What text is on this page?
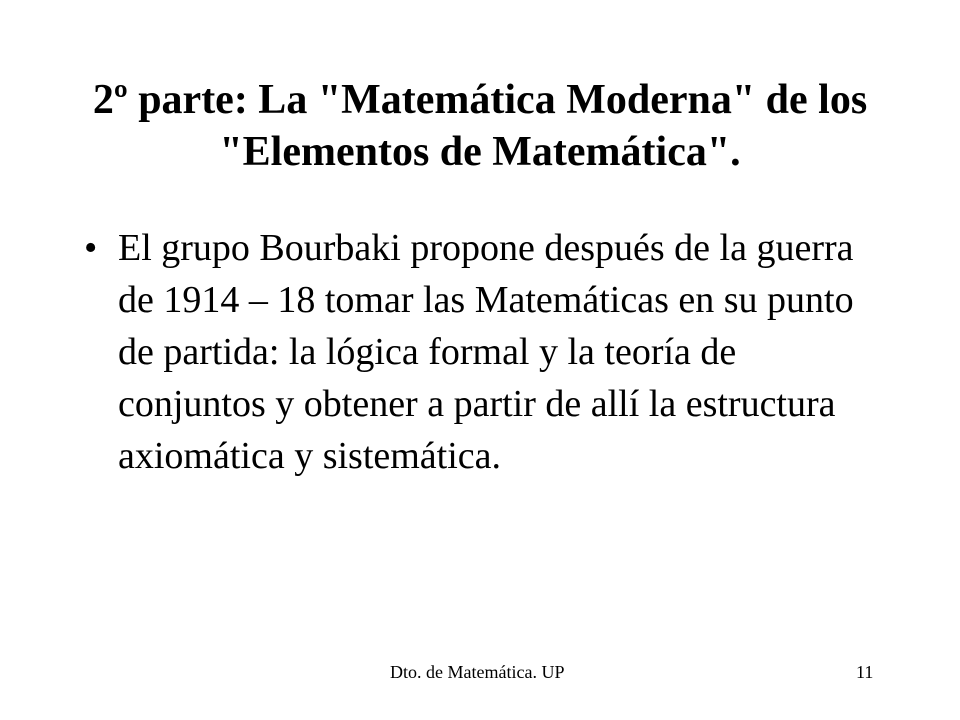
2º parte: La "Matemática Moderna" de los "Elementos de Matemática".
• El grupo Bourbaki propone después de la guerra de 1914 – 18 tomar las Matemáticas en su punto de partida: la lógica formal y la teoría de conjuntos y obtener a partir de allí la estructura axiomática y sistemática.
Dto. de Matemática. UP	11
